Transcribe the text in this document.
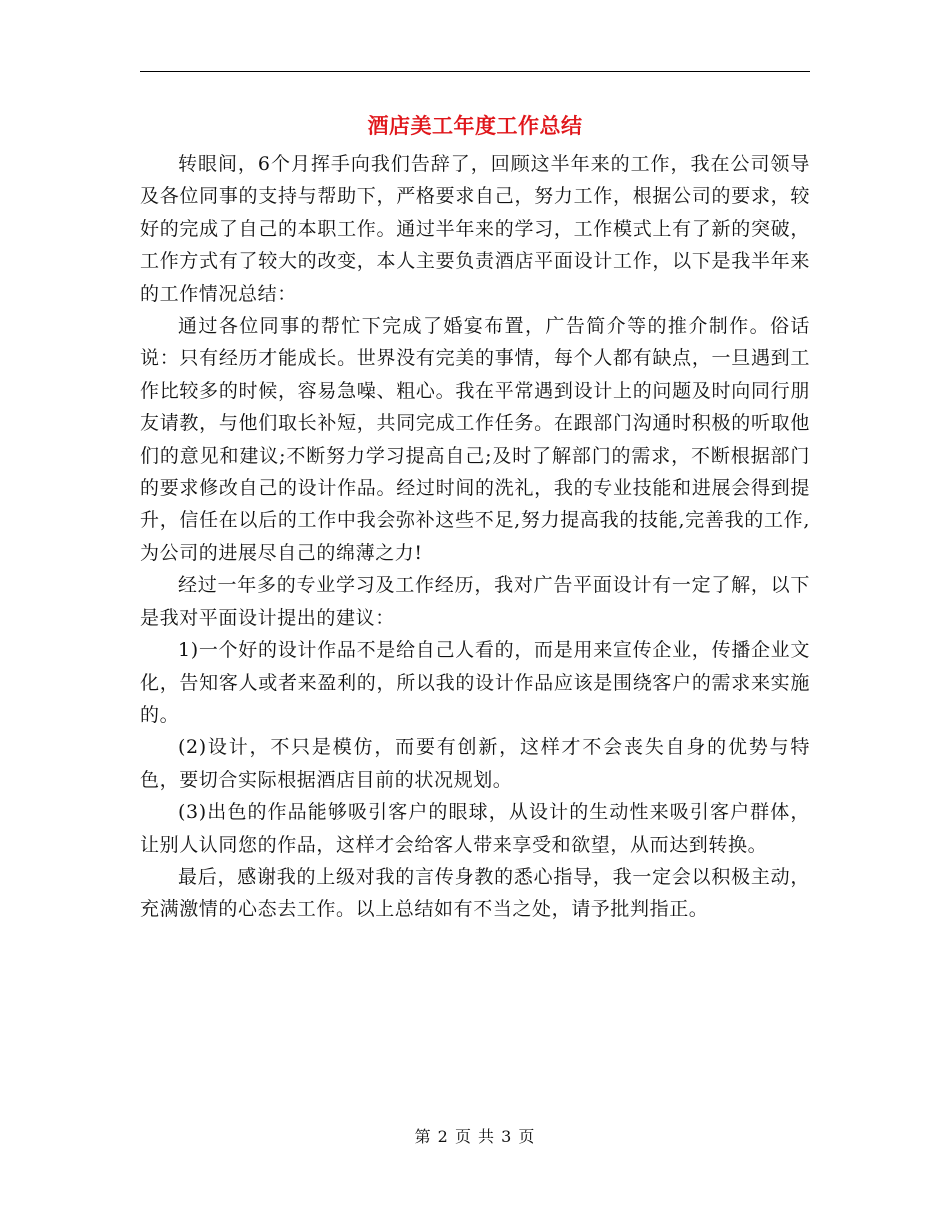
酒店美工年度工作总结

转眼间，6个月挥手向我们告辞了，回顾这半年来的工作，我在公司领导及各位同事的支持与帮助下，严格要求自己，努力工作，根据公司的要求，较好的完成了自己的本职工作。通过半年来的学习，工作模式上有了新的突破，工作方式有了较大的改变，本人主要负责酒店平面设计工作，以下是我半年来的工作情况总结：

通过各位同事的帮忙下完成了婚宴布置，广告简介等的推介制作。俗话说：只有经历才能成长。世界没有完美的事情，每个人都有缺点，一旦遇到工作比较多的时候，容易急噪、粗心。我在平常遇到设计上的问题及时向同行朋友请教，与他们取长补短，共同完成工作任务。在跟部门沟通时积极的听取他们的意见和建议;不断努力学习提高自己;及时了解部门的需求，不断根据部门的要求修改自己的设计作品。经过时间的洗礼，我的专业技能和进展会得到提升，信任在以后的工作中我会弥补这些不足,努力提高我的技能,完善我的工作,为公司的进展尽自己的绵薄之力!

经过一年多的专业学习及工作经历，我对广告平面设计有一定了解，以下是我对平面设计提出的建议：

1)一个好的设计作品不是给自己人看的，而是用来宣传企业，传播企业文化，告知客人或者来盈利的，所以我的设计作品应该是围绕客户的需求来实施的。

(2)设计，不只是模仿，而要有创新，这样才不会丧失自身的优势与特色，要切合实际根据酒店目前的状况规划。

(3)出色的作品能够吸引客户的眼球，从设计的生动性来吸引客户群体，让别人认同您的作品，这样才会给客人带来享受和欲望，从而达到转换。

最后，感谢我的上级对我的言传身教的悉心指导，我一定会以积极主动，充满激情的心态去工作。以上总结如有不当之处，请予批判指正。

第 2 页 共 3 页
